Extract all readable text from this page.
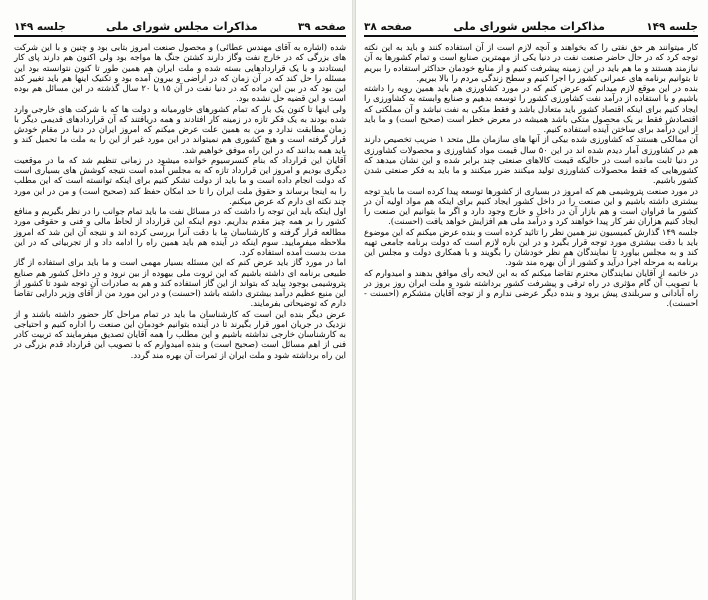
صفحه ۳۹
مذاکرات مجلس شورای ملی
جلسه ۱۴۹

شده (اشاره به آقای مهندس عطائی) و محصول صنعت امروز بتابی بود و چنین و با این شرکت های بزرگی که در خارج نفت وگاز دارند کشتن جنگ ها مواجه بود ولی اکنون هم دارند پای کار ایستادند و با یک قراردادهایی بسته شده و ملت ایران هم همین طور تا کنون نتوانسته بود این مسئله را حل کند که در آن زمان که در اراضی و بیرون آمده بود و تکنیک اینها هم باید تغییر کند این بود که در بین این ماده که در دنیا نفت در آن ۱۵ یا ۲۰ سال گذشته در این مسائل هم بوده است و این قضیه حل نشده بود.

ولی اینها تا کنون یک بار که تمام کشورهای خاورمیانه و دولت ها که با شرکت های خارجی وارد شده بودند به یک فکر تازه در زمینه کار افتادند و همه دریافتند که آن قراردادهای قدیمی دیگر با زمان مطابقت ندارد و من به همین علت عرض میکنم که امروز ایران در دنیا در مقام خودش قرار گرفته است و هیچ کشوری هم نمیتواند در این مورد غیر از این را به ملت ما تحمیل کند و باید همه بدانند که در این راه موفق خواهیم شد.

آقایان این قرارداد که بنام کنسرسیوم خوانده میشود در زمانی تنظیم شد که ما در موقعیت دیگری بودیم و امروز این قرارداد تازه که به مجلس آمده است نتیجه کوشش های بسیاری است که دولت انجام داده است و ما باید از دولت تشکر کنیم برای اینکه توانسته است که این مطلب را به اینجا برساند و حقوق ملت ایران را تا حد امکان حفظ کند (صحیح است) و من در این مورد چند نکته ای دارم که عرض میکنم.

اول اینکه باید این توجه را داشت که در مسائل نفت ما باید تمام جوانب را در نظر بگیریم و منافع کشور را بر همه چیز مقدم بداریم. دوم اینکه این قرارداد از لحاظ مالی و فنی و حقوقی مورد مطالعه قرار گرفته و کارشناسان ما با دقت آنرا بررسی کرده اند و نتیجه آن این شد که امروز ملاحظه میفرمایید. سوم اینکه در آینده هم باید همین راه را ادامه داد و از تجربیاتی که در این مدت بدست آمده استفاده کرد.

اما در مورد گاز باید عرض کنم که این مسئله بسیار مهمی است و ما باید برای استفاده از گاز طبیعی برنامه ای داشته باشیم که این ثروت ملی بیهوده از بین نرود و در داخل کشور هم صنایع پتروشیمی بوجود بیاید که بتواند از این گاز استفاده کند و هم به صادرات آن توجه شود تا کشور از این منبع عظیم درآمد بیشتری داشته باشد (احسنت) و در این مورد من از آقای وزیر دارایی تقاضا دارم که توضیحاتی بفرمایند.

عرض دیگر بنده این است که کارشناسان ما باید در تمام مراحل کار حضور داشته باشند و از نزدیک در جریان امور قرار بگیرند تا در آینده بتوانیم خودمان این صنعت را اداره کنیم و احتیاجی به کارشناسان خارجی نداشته باشیم و این مطلب را همه آقایان تصدیق میفرمایند که تربیت کادر فنی از اهم مسائل است (صحیح است) و بنده امیدوارم که با تصویب این قرارداد قدم بزرگی در این راه برداشته شود و ملت ایران از ثمرات آن بهره مند گردد.

جلسه ۱۴۹
مذاکرات مجلس شورای ملی
صفحه ۳۸

کار میتوانند هر حق نفتی را که بخواهند و آنچه لازم است از آن استفاده کنند و باید به این نکته توجه کرد که در حال حاضر صنعت نفت در دنیا یکی از مهمترین صنایع است و تمام کشورها به آن نیازمند هستند و ما هم باید در این زمینه پیشرفت کنیم و از منابع خودمان حداکثر استفاده را ببریم تا بتوانیم برنامه های عمرانی کشور را اجرا کنیم و سطح زندگی مردم را بالا ببریم.

بنده در این موقع لازم میدانم که عرض کنم که در مورد کشاورزی هم باید همین رویه را داشته باشیم و با استفاده از درآمد نفت کشاورزی کشور را توسعه بدهیم و صنایع وابسته به کشاورزی را ایجاد کنیم برای اینکه اقتصاد کشور باید متعادل باشد و فقط متکی به نفت نباشد و آن مملکتی که اقتصادش فقط بر یک محصول متکی باشد همیشه در معرض خطر است (صحیح است) و ما باید از این درآمد برای ساختن آینده استفاده کنیم.

آن ممالکی هستند که کشاورزی شده بیکی از آنها های سازمان ملل متحد ۱ ضریب تخصیص دارند هم در کشاورزی آمار دیدم شده اند در این ۵۰ سال قیمت مواد کشاورزی و محصولات کشاورزی در دنیا ثابت مانده است در حالیکه قیمت کالاهای صنعتی چند برابر شده و این نشان میدهد که کشورهایی که فقط محصولات کشاورزی تولید میکنند ضرر میکنند و ما باید به فکر صنعتی شدن کشور باشیم.

در مورد صنعت پتروشیمی هم که امروز در بسیاری از کشورها توسعه پیدا کرده است ما باید توجه بیشتری داشته باشیم و این صنعت را در داخل کشور ایجاد کنیم برای اینکه هم مواد اولیه آن در کشور ما فراوان است و هم بازار آن در داخل و خارج وجود دارد و اگر ما بتوانیم این صنعت را ایجاد کنیم هزاران نفر کار پیدا خواهند کرد و درآمد ملی هم افزایش خواهد یافت (احسنت).

جلسه ۱۴۹ گذارش کمیسیون نیز همین نظر را تائید کرده است و بنده عرض میکنم که این موضوع باید با دقت بیشتری مورد توجه قرار بگیرد و در این باره لازم است که دولت برنامه جامعی تهیه کند و به مجلس بیاورد تا نمایندگان هم نظر خودشان را بگویند و با همکاری دولت و مجلس این برنامه به مرحله اجرا درآید و کشور از آن بهره مند شود.

در خاتمه از آقایان نمایندگان محترم تقاضا میکنم که به این لایحه رأی موافق بدهند و امیدوارم که با تصویب آن گام مؤثری در راه ترقی و پیشرفت کشور برداشته شود و ملت ایران روز بروز در راه آبادانی و سربلندی پیش برود و بنده دیگر عرضی ندارم و از توجه آقایان متشکرم (احسنت - احسنت).
